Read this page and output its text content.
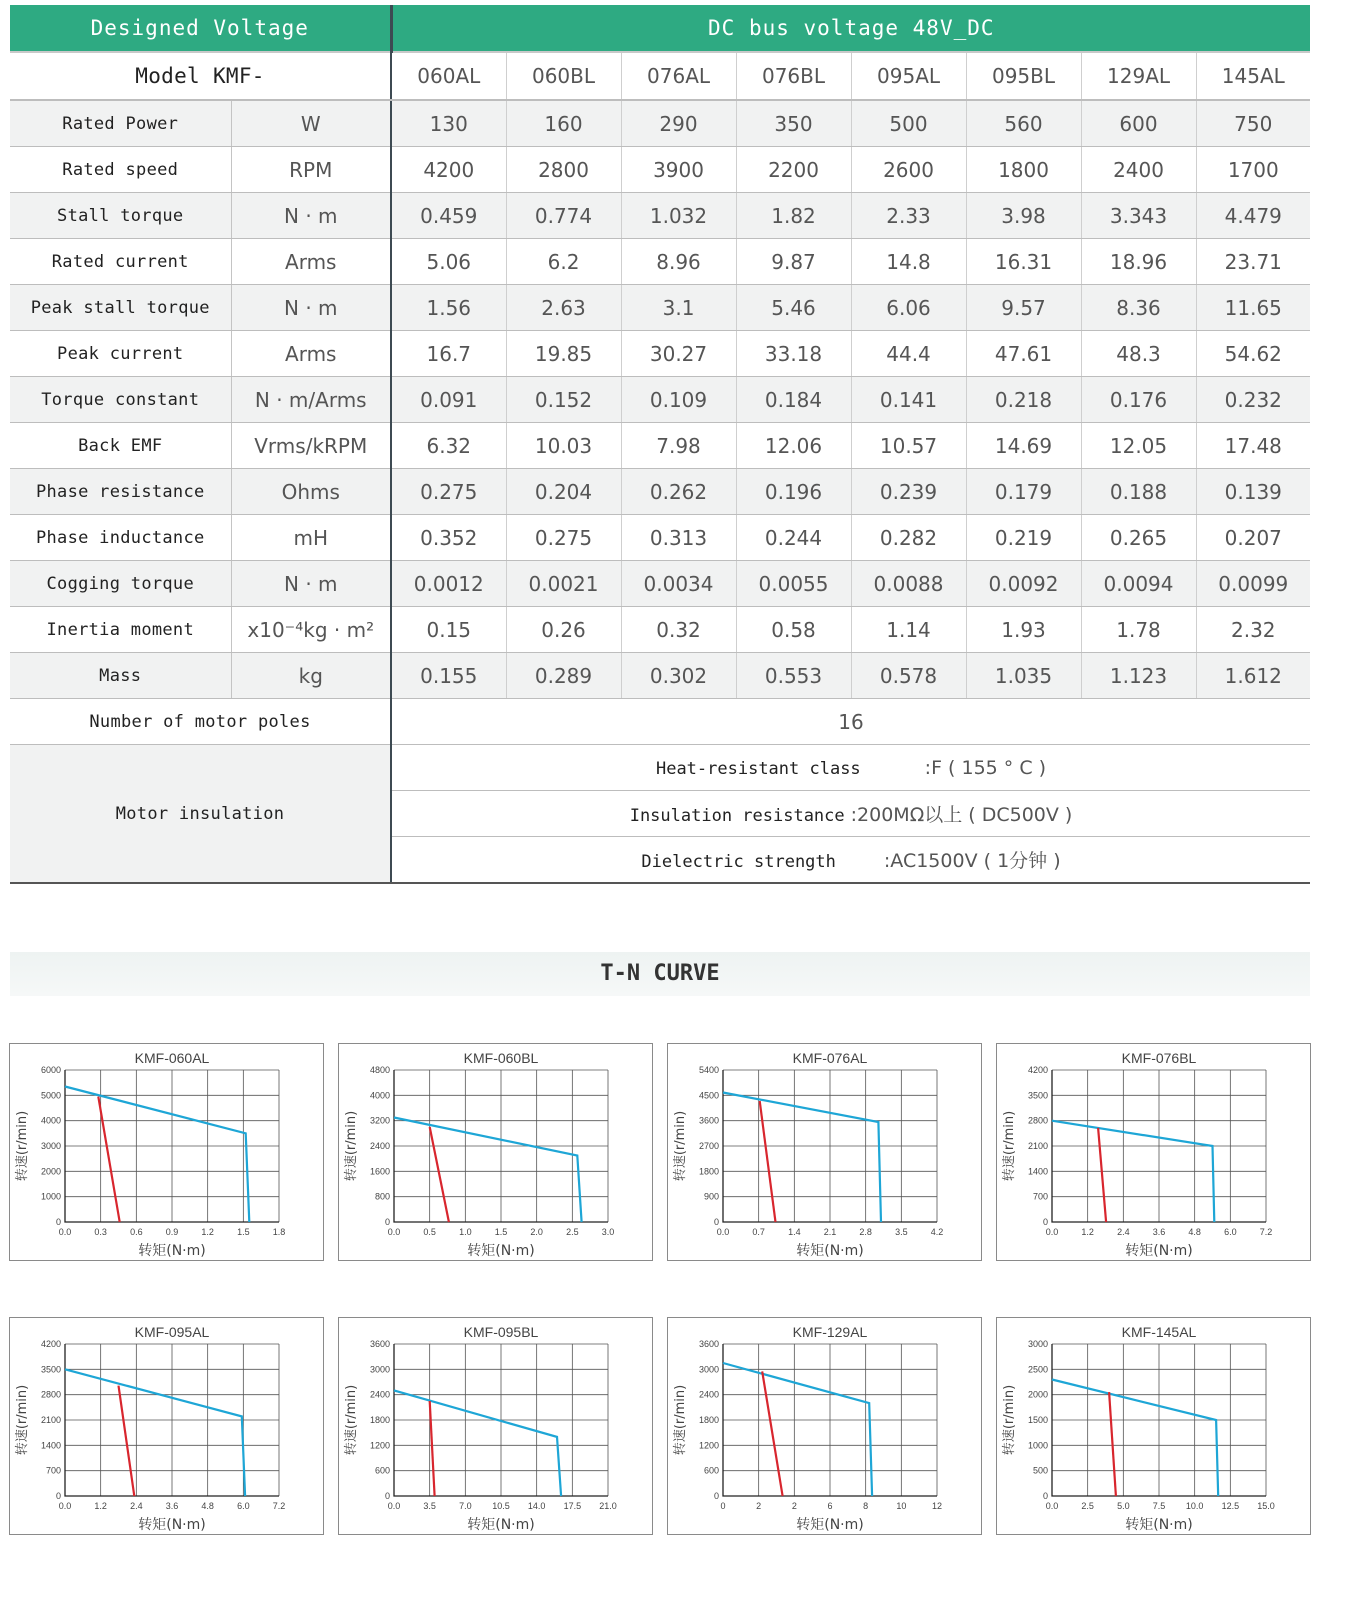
Designed Voltage		DC bus voltage 48V_DC							
Model KMF-		060AL	060BL	076AL	076BL	095AL	095BL	129AL	145AL
Rated Power	W	130	160	290	350	500	560	600	750
Rated speed	RPM	4200	2800	3900	2200	2600	1800	2400	1700
Stall torque	N · m	0.459	0.774	1.032	1.82	2.33	3.98	3.343	4.479
Rated current	Arms	5.06	6.2	8.96	9.87	14.8	16.31	18.96	23.71
Peak stall torque	N · m	1.56	2.63	3.1	5.46	6.06	9.57	8.36	11.65
Peak current	Arms	16.7	19.85	30.27	33.18	44.4	47.61	48.3	54.62
Torque constant	N · m/Arms	0.091	0.152	0.109	0.184	0.141	0.218	0.176	0.232
Back EMF	Vrms/kRPM	6.32	10.03	7.98	12.06	10.57	14.69	12.05	17.48
Phase resistance	Ohms	0.275	0.204	0.262	0.196	0.239	0.179	0.188	0.139
Phase inductance	mH	0.352	0.275	0.313	0.244	0.282	0.219	0.265	0.207
Cogging torque	N · m	0.0012	0.0021	0.0034	0.0055	0.0088	0.0092	0.0094	0.0099
Inertia moment	x10⁻⁴kg · m²	0.15	0.26	0.32	0.58	1.14	1.93	1.78	2.32
Mass	kg	0.155	0.289	0.302	0.553	0.578	1.035	1.123	1.612
Number of motor poles		16							
Motor insulation		Heat-resistant class :F ( 155 ° C )							
		Insulation resistance :200MΩ以上 ( DC500V )							
		Dielectric strength :AC1500V ( 1分钟 )							
T-N CURVE
0.0	0.3	0.6	0.9	1.2	1.5	1.8
0
1000
2000
3000
4000
5000
6000
KMF-060AL
转矩(N·m)
转速(r/min)
0.0	0.5	1.0	1.5	2.0	2.5	3.0
0
800
1600
2400
3200
4000
4800
KMF-060BL
转矩(N·m)
转速(r/min)
0.0	0.7	1.4	2.1	2.8	3.5	4.2
0
900
1800
2700
3600
4500
5400
KMF-076AL
转矩(N·m)
转速(r/min)
0.0	1.2	2.4	3.6	4.8	6.0	7.2
0
700
1400
2100
2800
3500
4200
KMF-076BL
转矩(N·m)
转速(r/min)
0.0	1.2	2.4	3.6	4.8	6.0	7.2
0
700
1400
2100
2800
3500
4200
KMF-095AL
转矩(N·m)
转速(r/min)
0.0	3.5	7.0 10.5 14.0 17.5 21.0
0
600
1200
1800
2400
3000
3600
KMF-095BL
转矩(N·m)
转速(r/min)
0	2	2	6	8	10	12
0
600
1200
1800
2400
3000
3600
KMF-129AL
转矩(N·m)
转速(r/min)
0.0	2.5	5.0	7.5 10.0 12.5 15.0
0
500
1000
1500
2000
2500
3000
KMF-145AL
转矩(N·m)
转速(r/min)
